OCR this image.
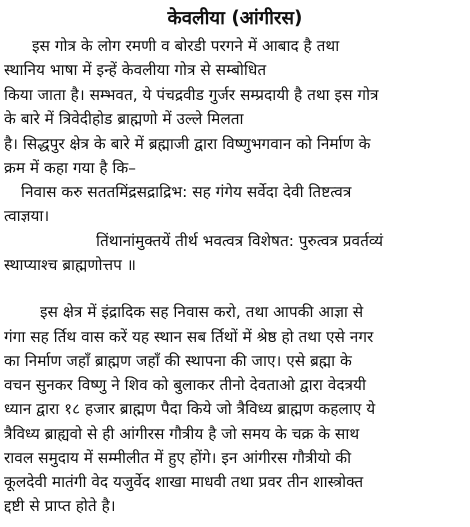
केवलीया (आंगीरस)
इस गोत्र के लोग रमणी व बोरडी परगने में आबाद है तथा
स्थानिय भाषा में इन्हें केवलीया गोत्र से सम्बोधित
किया जाता है। सम्भवत, ये पंचद्रवीड गुर्जर सम्प्रदायी है तथा इस गोत्र
के बारे में त्रिवेदीहोड ब्राह्मणो में उल्ले मिलता
है। सिद्धपुर क्षेत्र के बारे में ब्रह्माजी द्वारा विष्णुभगवान को निर्माण के
क्रम में कहा गया है कि–
निवास करु सततमिंद्रसद्राद्रिभ: सह गंगेय सर्वेदा देवी तिष्टत्वत्र
त्वाज्ञया।
तिंथानांमुक्तयें तीर्थ भवत्वत्र विशेषत: पुरुत्वत्र प्रवर्तव्यं
स्थाप्याश्च ब्राह्मणोत्तप ॥
इस क्षेत्र में इंद्रादिक सह निवास करो, तथा आपकी आज्ञा से
गंगा सह र्तिथ वास करें यह स्थान सब र्तिथों में श्रेष्ठ हो तथा एसे नगर
का निर्माण जहाँ ब्राह्मण जहाँ की स्थापना की जाए। एसे ब्रह्मा के
वचन सुनकर विष्णु ने शिव को बुलाकर तीनो देवताओ द्वारा वेदत्रयी
ध्यान द्वारा १८ हजार ब्राह्मण पैदा किये जो त्रैविध्य ब्राह्मण कहलाए ये
त्रैविध्य ब्राह्यवो से ही आंगीरस गौत्रीय है जो समय के चक्र के साथ
रावल समुदाय में सम्मीलीत में हुए होंगे। इन आंगीरस गौत्रीयो की
कूलदेवी मातंगी वेद यजुर्वेद शाखा माधवी तथा प्रवर तीन शास्त्रोक्त
द्दष्टी से प्राप्त होते है।
